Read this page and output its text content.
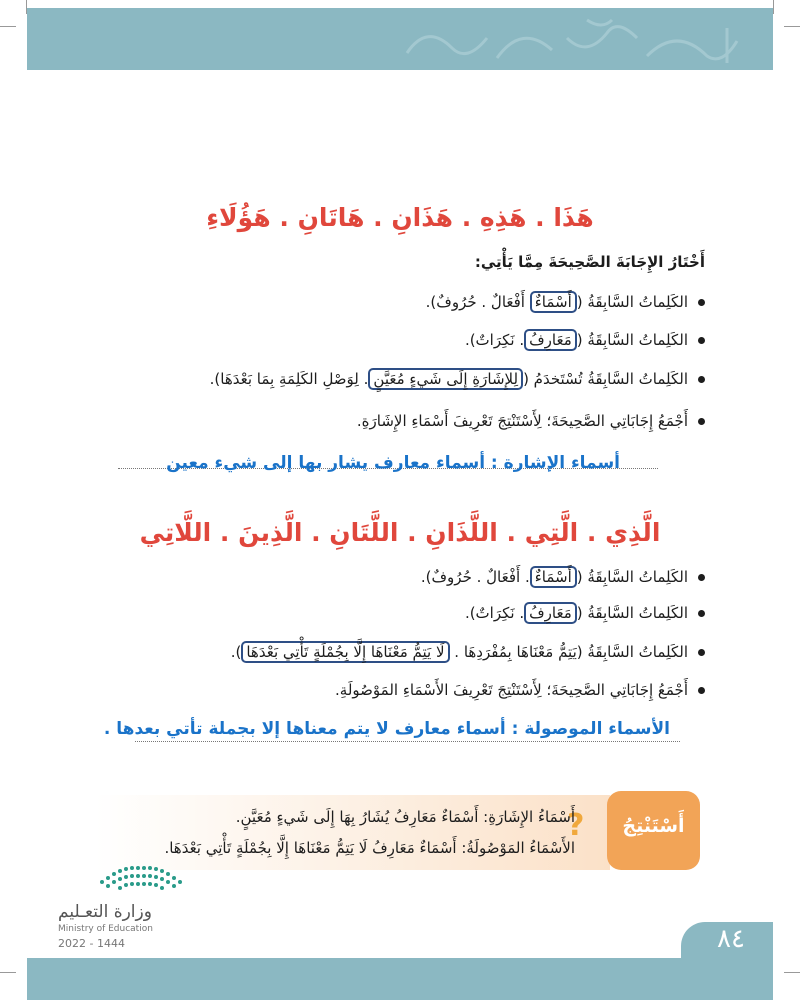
هَذَا . هَذِهِ . هَذَانِ . هَاتَانِ . هَؤُلَاءِ
أَخْتَارُ الإِجَابَةَ الصَّحِيحَةَ مِمَّا يَأْتِي:
الكَلِماتُ السَّابِقَةُ (أَسْمَاءٌ أَفْعَالٌ . حُرُوفٌ).
الكَلِماتُ السَّابِقَةُ (مَعَارِفُ. نَكِرَاتٌ).
الكَلِماتُ السَّابِقَةُ تُسْتَخدَمُ (لِلإِشَارَةِ إِلَى شَيءٍ مُعَيَّنٍ. لِوَصْلِ الكَلِمَةِ بِمَا بَعْدَهَا).
أَجْمَعُ إِجَابَاتِي الصَّحِيحَةَ؛ لِأَسْتَنْتِجَ تَعْرِيفَ أَسْمَاءِ الإِشَارَةِ.
أسماء الإشارة : أسماء معارف يشار بها إلى شيء معين
الَّذِي . الَّتِي . اللَّذَانِ . اللَّتَانِ . الَّذِينَ . اللَّاتِي
الكَلِماتُ السَّابِقَةُ (أَسْمَاءٌ. أَفْعَالٌ . حُرُوفٌ).
الكَلِماتُ السَّابِقَةُ (مَعَارِفُ. نَكِرَاتٌ).
الكَلِماتُ السَّابِقَةُ (يَتِمُّ مَعْنَاهَا بِمُفْرَدِهَا . لَا يَتِمُّ مَعْنَاهَا إِلَّا بِجُمْلَةٍ تَأْتِي بَعْدَهَا).
أَجْمَعُ إِجَابَاتِي الصَّحِيحَةَ؛ لِأَسْتَنْتِجَ تَعْرِيفَ الأَسْمَاءِ المَوْصُولَةِ.
الأسماء الموصولة : أسماء معارف لا يتم معناها إلا بجملة تأتي بعدها .
أَسْتَنْتِجُ
?
أَسْمَاءُ الإِشَارَةِ: أَسْمَاءٌ مَعَارِفُ يُشَارُ بِهَا إِلَى شَيءٍ مُعَيَّنٍ.
الأَسْمَاءُ المَوْصُولَةُ: أَسْمَاءٌ مَعَارِفُ لَا يَتِمُّ مَعْنَاهَا إِلَّا بِجُمْلَةٍ تَأْتِي بَعْدَهَا.
وزارة التعـليم
Ministry of Education
2022 - 1444	٨٤
